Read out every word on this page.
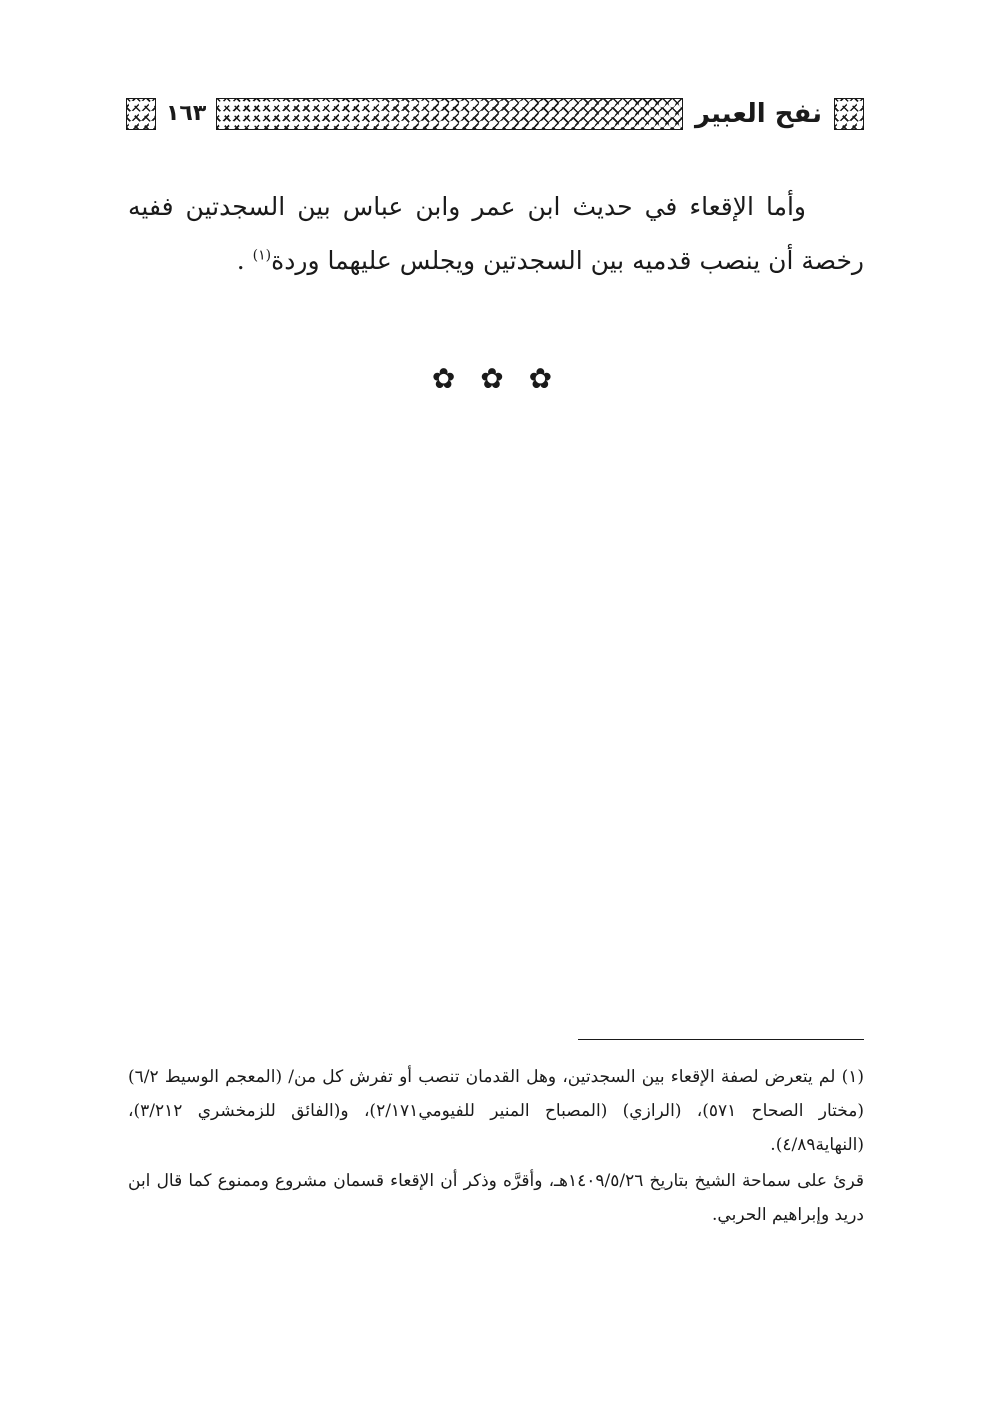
نفح العبير
١٦٣

وأما الإقعاء في حديث ابن عمر وابن عباس بين السجدتين ففيه رخصة أن ينصب قدميه بين السجدتين ويجلس عليهما وردة$^{(١)}$ .

✿ ✿ ✿

(١) لم يتعرض لصفة الإقعاء بين السجدتين، وهل القدمان تنصب أو تفرش كل من/ (المعجم الوسيط ٦/٢) (مختار الصحاح ٥٧١)، (الرازي) (المصباح المنير للفيومي٢/١٧١)، و(الفائق للزمخشري ٣/٢١٢)، (النهاية٤/٨٩).

قرئ على سماحة الشيخ بتاريخ ١٤٠٩/٥/٢٦هـ، وأقرَّه وذكر أن الإقعاء قسمان مشروع وممنوع كما قال ابن دريد وإبراهيم الحربي.
